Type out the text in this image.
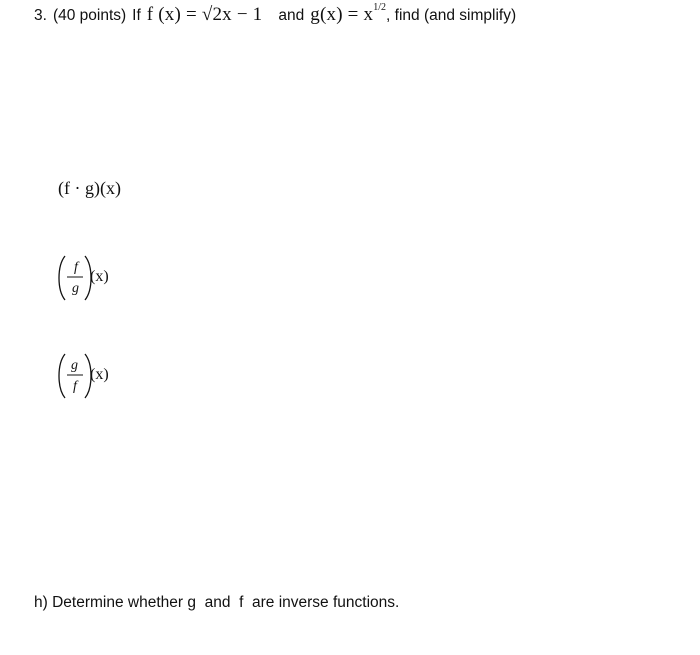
3. (40 points) If f (x) = √2x − 1 and g(x) = x 1/2 , find (and simplify)
(f · g)(x)
f
g
(x)
g
f
(x)
h) Determine whether g  and  f  are inverse functions.
